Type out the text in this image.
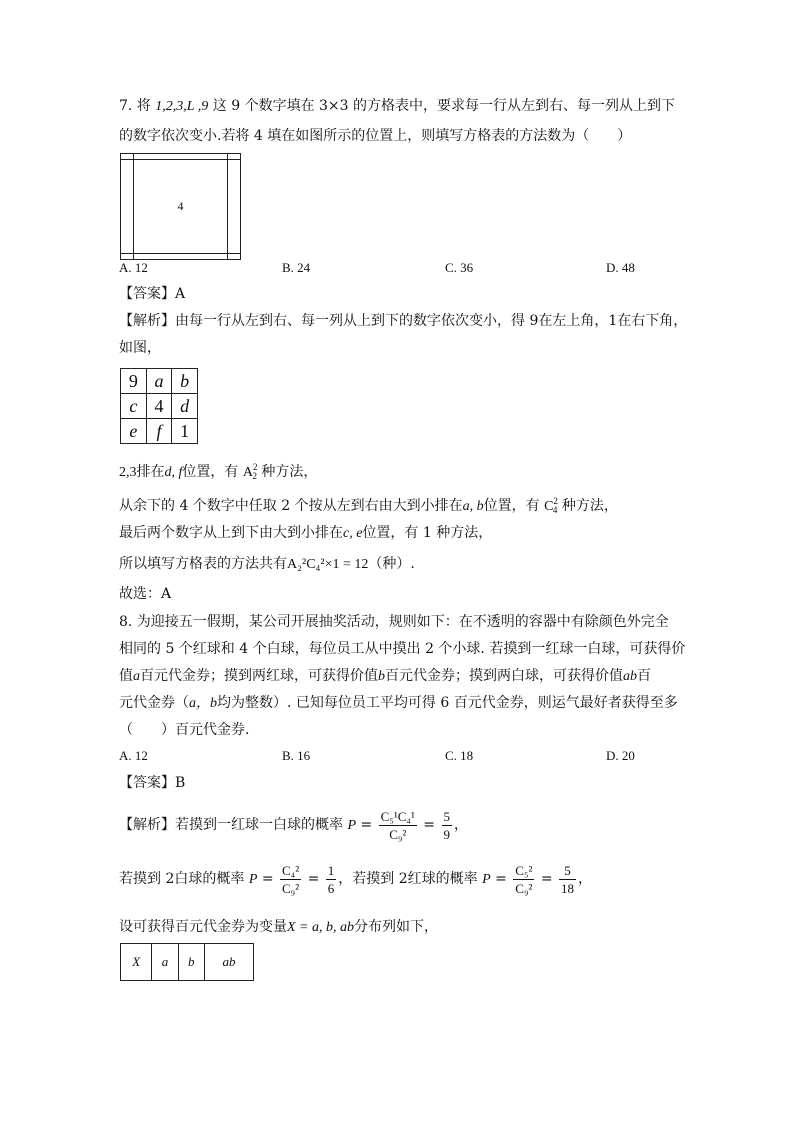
7. 将 1,2,3,L ,9 这 9 个数字填在 3×3 的方格表中，要求每一行从左到右、每一列从上到下
的数字依次变小.若将 4 填在如图所示的位置上，则填写方格表的方法数为（　　）

	4	

A. 12	B. 24	C. 36	D. 48
【答案】A
【解析】由每一行从左到右、每一列从上到下的数字依次变小，得 9在左上角，1在右下角，
如图，
9	a	b
c	4	d
e	f	1
2,3排在d, f位置，有 $A^2_2$ 种方法，
从余下的 4 个数字中任取 2 个按从左到右由大到小排在a, b位置，有 $C^2_4$ 种方法，
最后两个数字从上到下由大到小排在c, e位置，有 1 种方法，
所以填写方格表的方法共有A₂²C₄²×1 = 12（种）.
故选：A
8. 为迎接五一假期，某公司开展抽奖活动，规则如下：在不透明的容器中有除颜色外完全
相同的 5 个红球和 4 个白球，每位员工从中摸出 2 个小球. 若摸到一红球一白球，可获得价
值a百元代金券；摸到两红球，可获得价值b百元代金券；摸到两白球，可获得价值ab百
元代金券（a，b均为整数）. 已知每位员工平均可得 6 百元代金券，则运气最好者获得至多
（　　）百元代金券.
A. 12	B. 16	C. 18	D. 20
【答案】B
【解析】若摸到一红球一白球的概率 $P = \frac{\text{C₅¹C₄¹}}{\text{C₉²}} = \frac{5}{9}$ ，
若摸到 2白球的概率 $P = \frac{\text{C₄²}}{\text{C₉²}} = \frac{1}{6}$ ，若摸到 2红球的概率 $P = \frac{\text{C₅²}}{\text{C₉²}} = \frac{5}{18}$ ，
设可获得百元代金券为变量X = a, b, ab分布列如下，
X	a	b	ab
